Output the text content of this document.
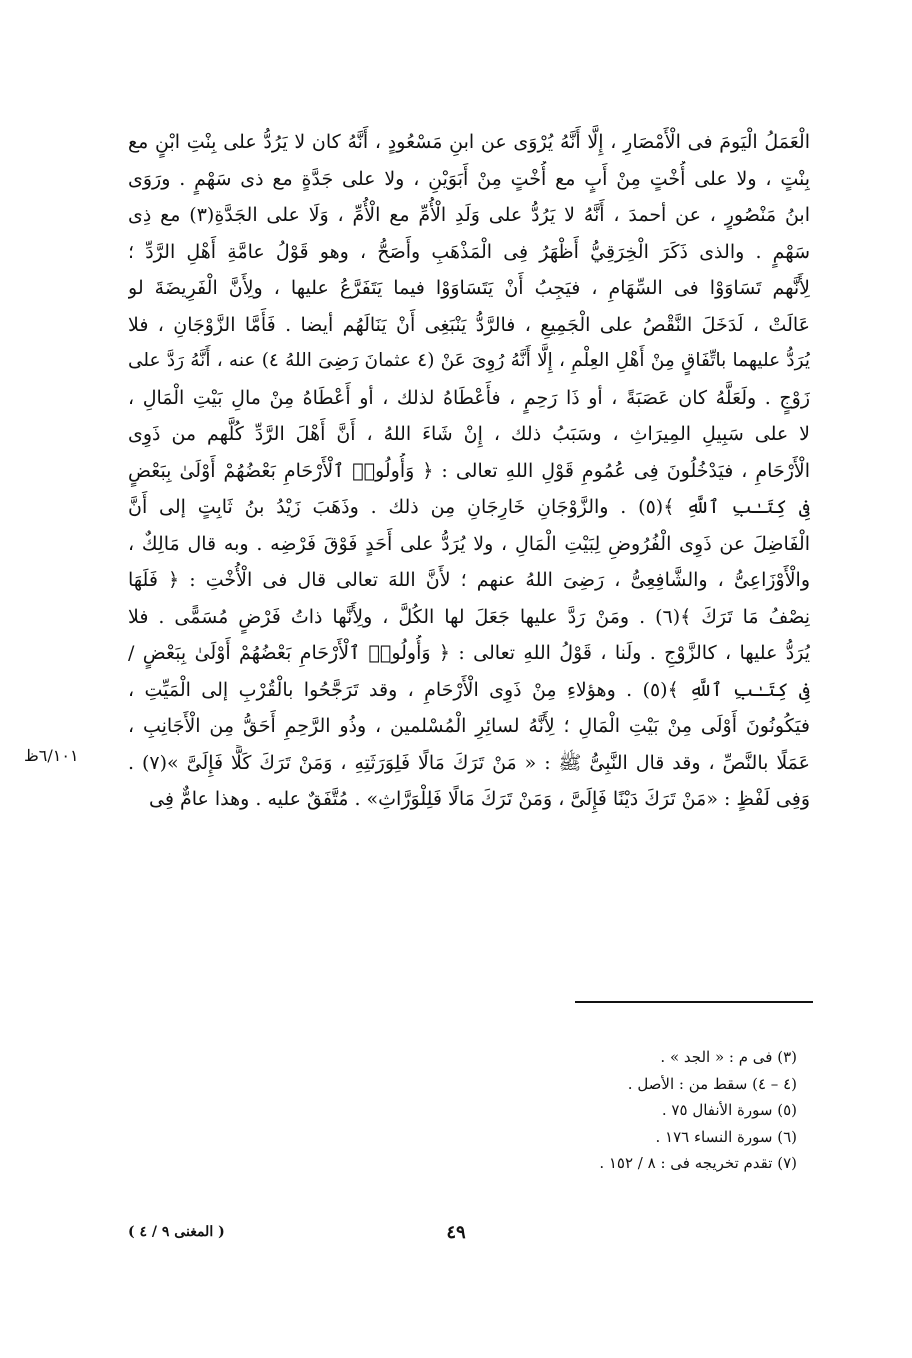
الْعَمَلُ الْيَومَ فى الْأَمْصَارِ ، إِلَّا أَنَّهُ يُرْوَى عن ابنِ مَسْعُودٍ ، أَنَّهُ كان لا يَرُدُّ على بِنْتِ ابْنٍ مع
بِنْتٍ ، ولا على أُخْتٍ مِنْ أَبٍ مع أُخْتٍ مِنْ أَبَوَيْنِ ، ولا على جَدَّةٍ مع ذى سَهْمٍ . ورَوَى
ابنُ مَنْصُورٍ ، عن أحمدَ ، أَنَّهُ لا يَرُدُّ على وَلَدِ الْأُمِّ مع الْأُمِّ ، وَلَا على الجَدَّةِ(٣) مع ذِى
سَهْمٍ . والذى ذَكَرَ الْخِرَقِيُّ أَظْهَرُ فِى الْمَذْهَبِ وأَصَحُّ ، وهو قَوْلُ عامَّةِ أَهْلِ الرَّدِّ ؛
لِأَنَّهم تَسَاوَوْا فى السِّهَامِ ، فيَجِبُ أَنْ يَتَسَاوَوْا فيما يَتَفَرَّعُ عليها ، ولِأَنَّ الْفَرِيضَةَ لو
عَالَتْ ، لَدَخَلَ النَّقْصُ على الْجَمِيعِ ، فالرَّدُّ يَنْبَغِى أَنْ يَنَالَهُم أيضا . فَأَمَّا الزَّوْجَانِ ، فلا
يُرَدُّ عليهما باتِّفَاقٍ مِنْ أَهْلِ العِلْمِ ، إِلَّا أَنَّهُ رُوِىَ عَنْ (٤ عثمانَ رَضِىَ اللهُ ٤) عنه ، أَنَّهُ رَدَّ على
زَوْجٍ . ولَعَلَّهُ كان عَصَبَةً ، أو ذَا رَحِمٍ ، فأَعْطَاهُ لذلك ، أو أَعْطَاهُ مِنْ مالِ بَيْتِ الْمَالِ ،
لا على سَبِيلِ المِيرَاثِ ، وسَبَبُ ذلك ، إِنْ شَاءَ اللهُ ، أَنَّ أَهْلَ الرَّدِّ كُلَّهم من ذَوِى
الْأَرْحَامِ ، فيَدْخُلُونَ فِى عُمُومِ قَوْلِ اللهِ تعالى : ﴿ وَأُولُوا۟ ٱلْأَرْحَامِ بَعْضُهُمْ أَوْلَىٰ بِبَعْضٍ
فِى كِتَـٰبِ ٱللَّهِ ﴾(٥) . والزَّوْجَانِ خَارِجَانِ مِن ذلك . وذَهَبَ زَيْدُ بنُ ثَابِتٍ إلى أَنَّ
الْفَاضِلَ عن ذَوِى الْفُرُوضِ لِبَيْتِ الْمَالِ ، ولا يُرَدُّ على أَحَدٍ فَوْقَ فَرْضِه . وبه قال مَالِكٌ ،
والْأَوْزَاعِىُّ ، والشَّافِعِىُّ ، رَضِىَ اللهُ عنهم ؛ لأَنَّ اللهَ تعالى قال فى الْأُخْتِ : ﴿ فَلَهَا
نِصْفُ مَا تَرَكَ ﴾(٦) . ومَنْ رَدَّ عليها جَعَلَ لها الكُلَّ ، ولِأَنَّها ذاتُ فَرْضٍ مُسَمًّى . فلا
يُرَدُّ عليها ، كالزَّوْجِ . ولَنا ، قَوْلُ اللهِ تعالى : ﴿ وَأُولُوا۟ ٱلْأَرْحَامِ بَعْضُهُمْ أَوْلَىٰ بِبَعْضٍ /
فِى كِتَـٰبِ ٱللَّهِ ﴾(٥) . وهؤلاءِ مِنْ ذَوِى الْأَرْحَامِ ، وقد تَرَجَّحُوا بالْقُرْبِ إلى الْمَيِّتِ ،
فيَكُونُونَ أَوْلَى مِنْ بَيْتِ الْمَالِ ؛ لِأَنَّهُ لسائِرِ الْمُسْلمين ، وذُو الرَّحِمِ أَحَقُّ مِن الْأَجَانِبِ ،
عَمَلًا بالنَّصِّ ، وقد قال النَّبِىُّ ﷺ : « مَنْ تَرَكَ مَالًا فَلِوَرَثَتِهِ ، وَمَنْ تَرَكَ كَلًّا فَإِلَىَّ »(٧) .
وَفِى لَفْظٍ : «مَنْ تَرَكَ دَيْنًا فَإِلَىَّ ، وَمَنْ تَرَكَ مَالًا فَلِلْوَرَّاثِ» . مُتَّفَقٌ عليه . وهذا عامٌّ فِى
٦/١٠١ظ
(٣) فى م : « الجد » .
(٤ – ٤) سقط من : الأصل .
(٥) سورة الأنفال ٧٥ .
(٦) سورة النساء ١٧٦ .
(٧) تقدم تخريجه فى : ٨ / ١٥٢ .
٤٩
( المغنى ٩ / ٤ )
